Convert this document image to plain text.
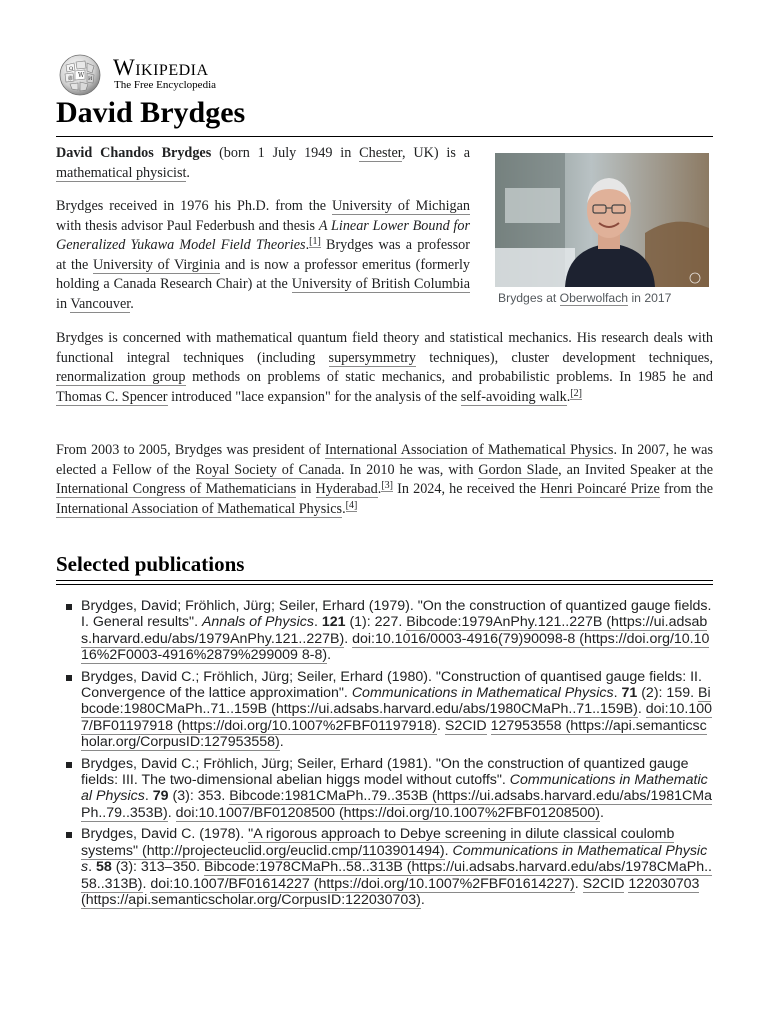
Ω
W И
維 Wikipedia
The Free Encyclopedia
David Brydges
Brydges at Oberwolfach in 2017

David Chandos Brydges (born 1 July 1949 in Chester, UK) is a mathematical physicist.

Brydges received in 1976 his Ph.D. from the University of Michigan with thesis advisor Paul Federbush and thesis A Linear Lower Bound for Generalized Yukawa Model Field Theories.[1] Brydges was a professor at the University of Virginia and is now a professor emeritus (formerly holding a Canada Research Chair) at the University of British Columbia in Vancouver.

Brydges is concerned with mathematical quantum field theory and statistical mechanics. His research deals with functional integral techniques (including supersymmetry techniques), cluster development techniques, renormalization group methods on problems of static mechanics, and probabilistic problems. In 1985 he and Thomas C. Spencer introduced "lace expansion" for the analysis of the self-avoiding walk.[2]

From 2003 to 2005, Brydges was president of International Association of Mathematical Physics. In 2007, he was elected a Fellow of the Royal Society of Canada. In 2010 he was, with Gordon Slade, an Invited Speaker at the International Congress of Mathematicians in Hyderabad.[3] In 2024, he received the Henri Poincaré Prize from the International Association of Mathematical Physics.[4]

Selected publications
Brydges, David; Fröhlich, Jürg; Seiler, Erhard (1979). "On the construction of quantized gauge fields. I. General results". Annals of Physics. 121 (1): 227. Bibcode:1979AnPhy.121..227B (https://ui.adsabs.harvard.edu/abs/1979AnPhy.121..227B). doi:10.1016/0003-4916(79)90098-8 (https://doi.org/10.1016%2F0003-4916%2879%299009 8-8).
Brydges, David C.; Fröhlich, Jürg; Seiler, Erhard (1980). "Construction of quantised gauge fields: II. Convergence of the lattice approximation". Communications in Mathematical Physics. 71 (2): 159. Bibcode:1980CMaPh..71..159B (https://ui.adsabs.harvard.edu/abs/1980CMaPh..71..159B). doi:10.1007/BF01197918 (https://doi.org/10.1007%2FBF01197918). S2CID 127953558 (https://api.semanticscholar.org/CorpusID:127953558).
Brydges, David C.; Fröhlich, Jürg; Seiler, Erhard (1981). "On the construction of quantized gauge fields: III. The two-dimensional abelian higgs model without cutoffs". Communications in Mathematical Physics. 79 (3): 353. Bibcode:1981CMaPh..79..353B (https://ui.adsabs.harvard.edu/abs/1981CMaPh..79..353B). doi:10.1007/BF01208500 (https://doi.org/10.1007%2FBF01208500).
Brydges, David C. (1978). "A rigorous approach to Debye screening in dilute classical coulomb systems" (http://projecteuclid.org/euclid.cmp/1103901494). Communications in Mathematical Physics. 58 (3): 313–350. Bibcode:1978CMaPh..58..313B (https://ui.adsabs.harvard.edu/abs/1978CMaPh..58..313B). doi:10.1007/BF01614227 (https://doi.org/10.1007%2FBF01614227). S2CID 122030703 (https://api.semanticscholar.org/CorpusID:122030703).
